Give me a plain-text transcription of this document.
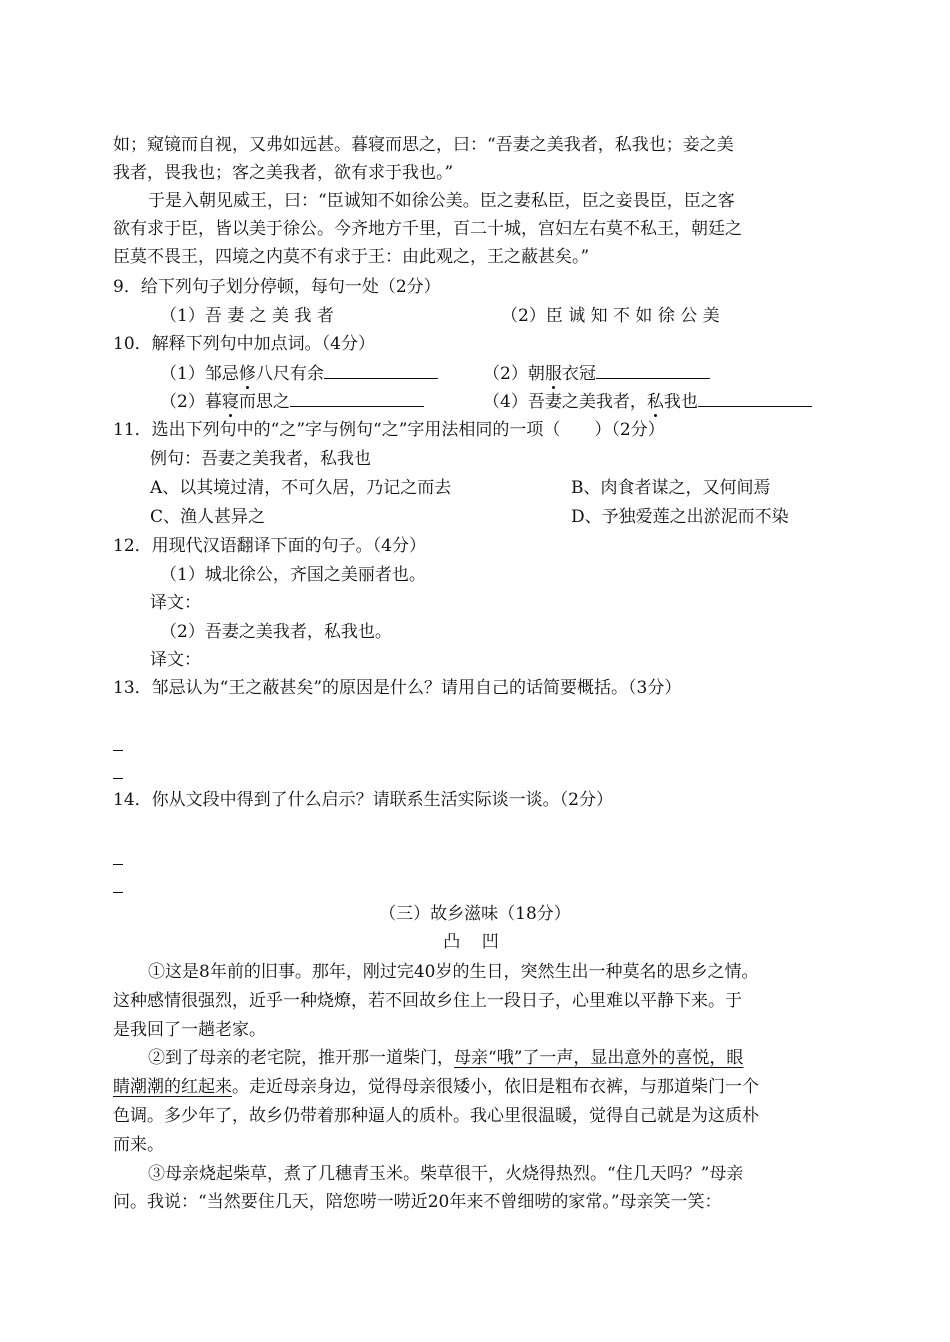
如；窥镜而自视，又弗如远甚。暮寝而思之，曰：“吾妻之美我者，私我也；妾之美
我者，畏我也；客之美我者，欲有求于我也。”
于是入朝见威王，曰：“臣诚知不如徐公美。臣之妻私臣，臣之妾畏臣，臣之客
欲有求于臣，皆以美于徐公。今齐地方千里，百二十城，宫妇左右莫不私王，朝廷之
臣莫不畏王，四境之内莫不有求于王：由此观之，王之蔽甚矣。”
9．给下列句子划分停顿，每句一处（2分）
（1）吾 妻 之 美 我 者	（2）臣 诚 知 不 如 徐 公 美
10．解释下列句中加点词。（4分）
（1）邹忌修八尺有余	（2）朝服衣冠
（2）暮寝而思之	（4）吾妻之美我者，私我也
11．选出下列句中的“之”字与例句“之”字用法相同的一项（　　）（2分）
例句：吾妻之美我者，私我也
A、以其境过清，不可久居，乃记之而去	B、肉食者谋之，又何间焉
C、渔人甚异之	D、予独爱莲之出淤泥而不染
12．用现代汉语翻译下面的句子。（4分）
（1）城北徐公，齐国之美丽者也。
译文：
（2）吾妻之美我者，私我也。
译文：
13．邹忌认为“王之蔽甚矣”的原因是什么？请用自己的话简要概括。（3分）
14．你从文段中得到了什么启示？请联系生活实际谈一谈。（2分）
（三）故乡滋味（18分）
凸 凹
①这是8年前的旧事。那年，刚过完40岁的生日，突然生出一种莫名的思乡之情。
这种感情很强烈，近乎一种烧燎，若不回故乡住上一段日子，心里难以平静下来。于
是我回了一趟老家。
②到了母亲的老宅院，推开那一道柴门，母亲“哦”了一声，显出意外的喜悦，眼
睛潮潮的红起来。走近母亲身边，觉得母亲很矮小，依旧是粗布衣裤，与那道柴门一个
色调。多少年了，故乡仍带着那种逼人的质朴。我心里很温暖，觉得自己就是为这质朴
而来。
③母亲烧起柴草，煮了几穗青玉米。柴草很干，火烧得热烈。“住几天吗？”母亲
问。我说：“当然要住几天，陪您唠一唠近20年来不曾细唠的家常。”母亲笑一笑：
